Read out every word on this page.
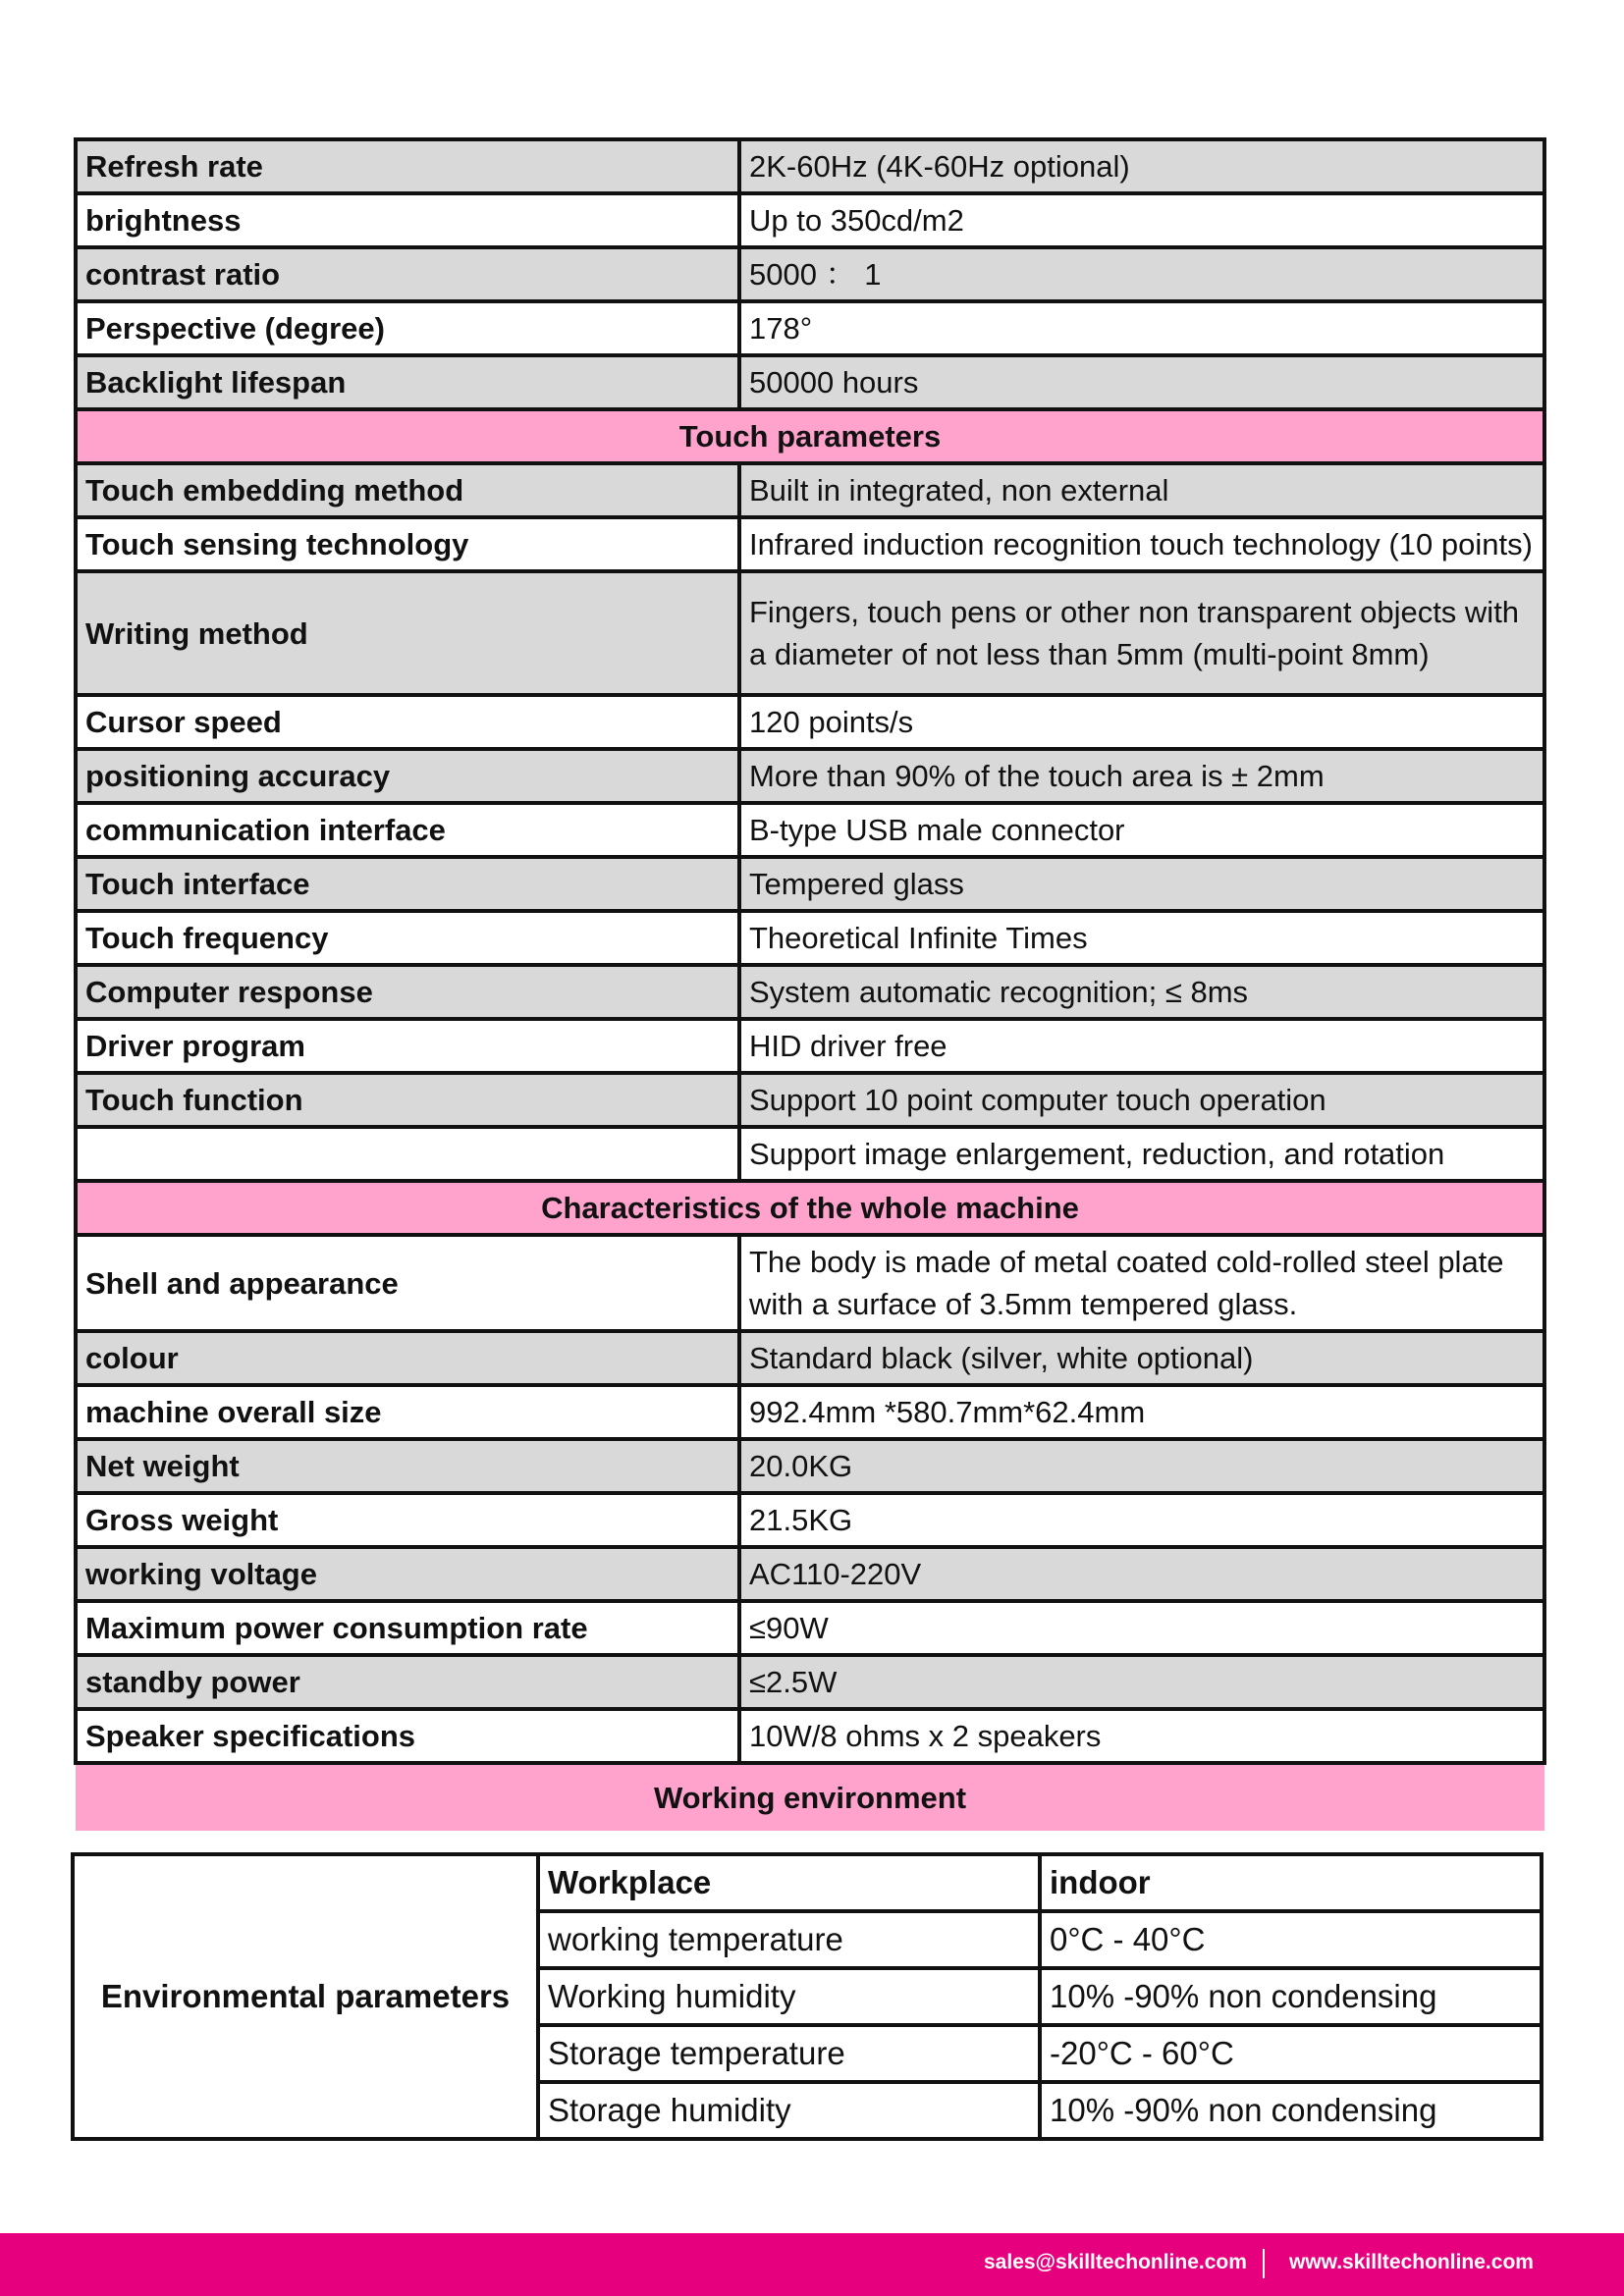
Refresh rate	2K-60Hz (4K-60Hz optional)
brightness	Up to 350cd/m2
contrast ratio	5000 ： 1
Perspective (degree)	178°
Backlight lifespan	50000 hours
Touch parameters	
Touch embedding method	Built in integrated, non external
Touch sensing technology	Infrared induction recognition touch technology (10 points)
Writing method	Fingers, touch pens or other non transparent objects with a diameter of not less than 5mm (multi-point 8mm)
Cursor speed	120 points/s
positioning accuracy	More than 90% of the touch area is ± 2mm
communication interface	B-type USB male connector
Touch interface	Tempered glass
Touch frequency	Theoretical Infinite Times
Computer response	System automatic recognition; ≤ 8ms
Driver program	HID driver free
Touch function	Support 10 point computer touch operation
	Support image enlargement, reduction, and rotation
Characteristics of the whole machine	
Shell and appearance	The body is made of metal coated cold-rolled steel plate with a surface of 3.5mm tempered glass.
colour	Standard black (silver, white optional)
machine overall size	992.4mm *580.7mm*62.4mm
Net weight	20.0KG
Gross weight	21.5KG
working voltage	AC110-220V
Maximum power consumption rate	≤90W
standby power	≤2.5W
Speaker specifications	10W/8 ohms x 2 speakers
Working environment	
Environmental parameters	Workplace	indoor
	working temperature	0°C - 40°C
	Working humidity	10% -90% non condensing
	Storage temperature	-20°C - 60°C
	Storage humidity	10% -90% non condensing
sales@skilltechonline.com www.skilltechonline.com
